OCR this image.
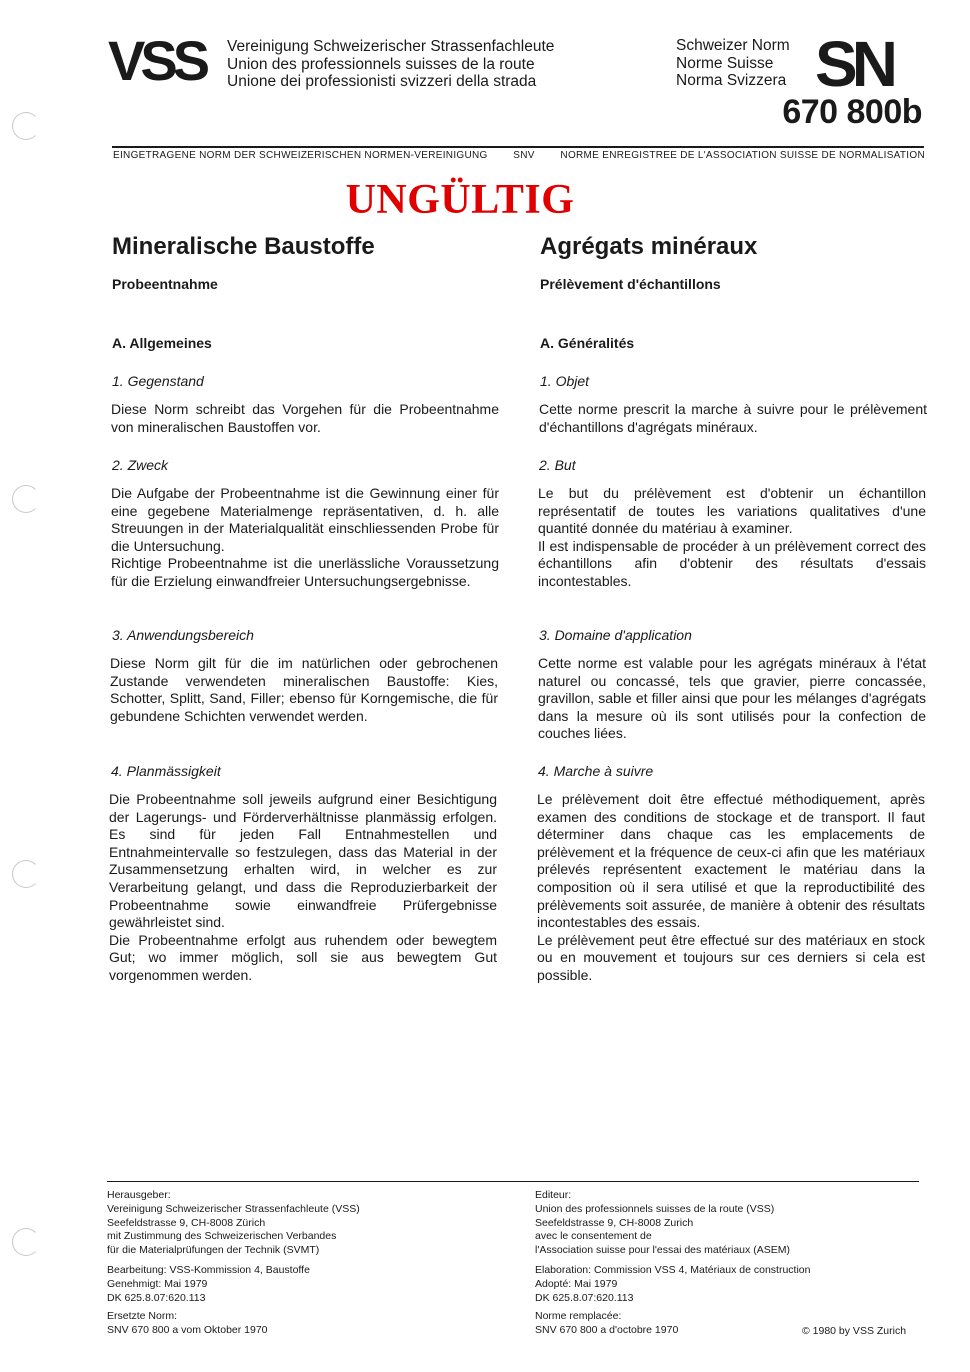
VSS Vereinigung Schweizerischer Strassenfachleute
Union des professionnels suisses de la route
Unione dei professionisti svizzeri della strada
Schweizer Norm
Norme Suisse
Norma Svizzera SN
670 800b
EINGETRAGENE NORM DER SCHWEIZERISCHEN NORMEN-VEREINIGUNG	SNV	NORME ENREGISTREE DE L'ASSOCIATION SUISSE DE NORMALISATION
UNGÜLTIG
Mineralische Baustoffe
Probeentnahme
A. Allgemeines
1. Gegenstand

Diese Norm schreibt das Vorgehen für die Probeentnahme von mineralischen Baustoffen vor.

2. Zweck

Die Aufgabe der Probeentnahme ist die Gewinnung einer für eine gegebene Materialmenge repräsentativen, d. h. alle Streuungen in der Materialqualität einschliessenden Probe für die Untersuchung.

Richtige Probeentnahme ist die unerlässliche Voraussetzung für die Erzielung einwandfreier Untersuchungsergebnisse.

3. Anwendungsbereich

Diese Norm gilt für die im natürlichen oder gebrochenen Zustande verwendeten mineralischen Baustoffe: Kies, Schotter, Splitt, Sand, Filler; ebenso für Korngemische, die für gebundene Schichten verwendet werden.

4. Planmässigkeit

Die Probeentnahme soll jeweils aufgrund einer Besichtigung der Lagerungs- und Förderverhältnisse planmässig erfolgen. Es sind für jeden Fall Entnahmestellen und Entnahmeintervalle so festzulegen, dass das Material in der Zusammensetzung erhalten wird, in welcher es zur Verarbeitung gelangt, und dass die Reproduzierbarkeit der Probeentnahme sowie einwandfreie Prüfergebnisse gewährleistet sind.

Die Probeentnahme erfolgt aus ruhendem oder bewegtem Gut; wo immer möglich, soll sie aus bewegtem Gut vorgenommen werden.

Agrégats minéraux
Prélèvement d'échantillons
A. Généralités
1. Objet

Cette norme prescrit la marche à suivre pour le prélèvement d'échantillons d'agrégats minéraux.

2. But

Le but du prélèvement est d'obtenir un échantillon représentatif de toutes les variations qualitatives d'une quantité donnée du matériau à examiner.

Il est indispensable de procéder à un prélèvement correct des échantillons afin d'obtenir des résultats d'essais incontestables.

3. Domaine d'application

Cette norme est valable pour les agrégats minéraux à l'état naturel ou concassé, tels que gravier, pierre concassée, gravillon, sable et filler ainsi que pour les mélanges d'agrégats dans la mesure où ils sont utilisés pour la confection de couches liées.

4. Marche à suivre

Le prélèvement doit être effectué méthodiquement, après examen des conditions de stockage et de transport. Il faut déterminer dans chaque cas les emplacements de prélèvement et la fréquence de ceux-ci afin que les matériaux prélevés représentent exactement le matériau dans la composition où il sera utilisé et que la reproductibilité des prélèvements soit assurée, de manière à obtenir des résultats incontestables des essais.

Le prélèvement peut être effectué sur des matériaux en stock ou en mouvement et toujours sur ces derniers si cela est possible.

Herausgeber:
Vereinigung Schweizerischer Strassenfachleute (VSS)
Seefeldstrasse 9, CH-8008 Zürich
mit Zustimmung des Schweizerischen Verbandes
für die Materialprüfungen der Technik (SVMT)
Bearbeitung: VSS-Kommission 4, Baustoffe
Genehmigt: Mai 1979
DK 625.8.07:620.113
Ersetzte Norm:
SNV 670 800 a vom Oktober 1970
Editeur:
Union des professionnels suisses de la route (VSS)
Seefeldstrasse 9, CH-8008 Zurich
avec le consentement de
l'Association suisse pour l'essai des matériaux (ASEM)
Elaboration: Commission VSS 4, Matériaux de construction
Adopté: Mai 1979
DK 625.8.07:620.113
Norme remplacée:
SNV 670 800 a d'octobre 1970	© 1980 by VSS Zurich
